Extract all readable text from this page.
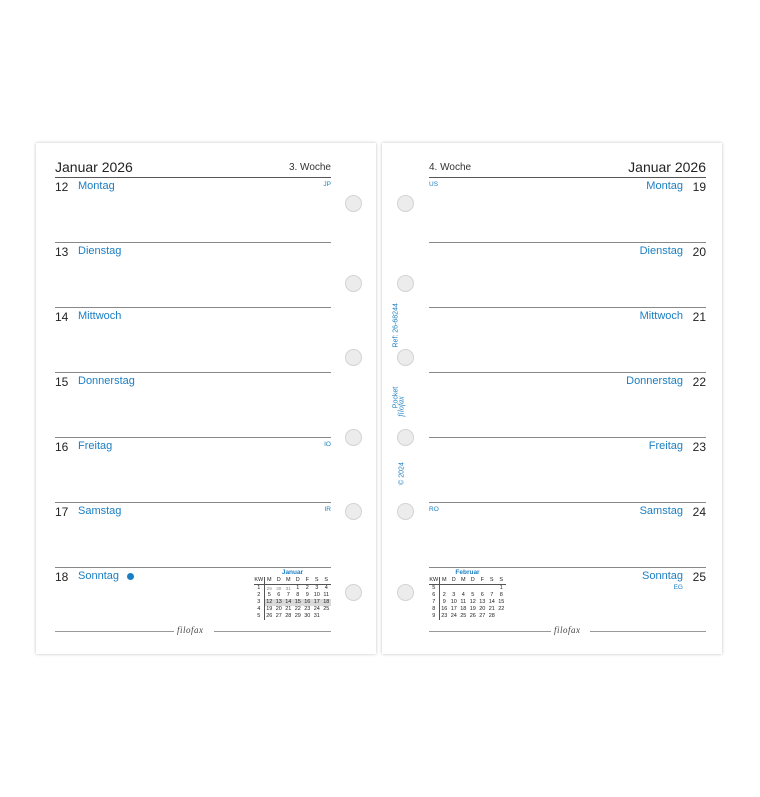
Januar 2026	3. Woche
12 Montag	JP
13 Dienstag
14 Mittwoch
15 Donnerstag
16 Freitag	IO
17 Samstag	IR
18 Sonntag	Januar
KW	M	D	M	D	F	S	S
1	29	30	31	1	2	3	4
2	5	6	7	8	9	10	11
3	12	13	14	15	16	17	18
4	19	20	21	22	23	24	25
5	26	27	28	29	30	31	
filofax
4. Woche	Januar 2026
19
Montag
US
20
Dienstag
21
Mittwoch
22
Donnerstag
23
Freitag
24
Samstag
RO
25
Sonntag
EG
Februar
KW	M	D	M	D	F	S	S
5							1
6	2	3	4	5	6	7	8
7	9	10	11	12	13	14	15
8	16	17	18	19	20	21	22
9	23	24	25	26	27	28	
filofax
Ref: 26-68244
Pocket
filofax
© 2024
